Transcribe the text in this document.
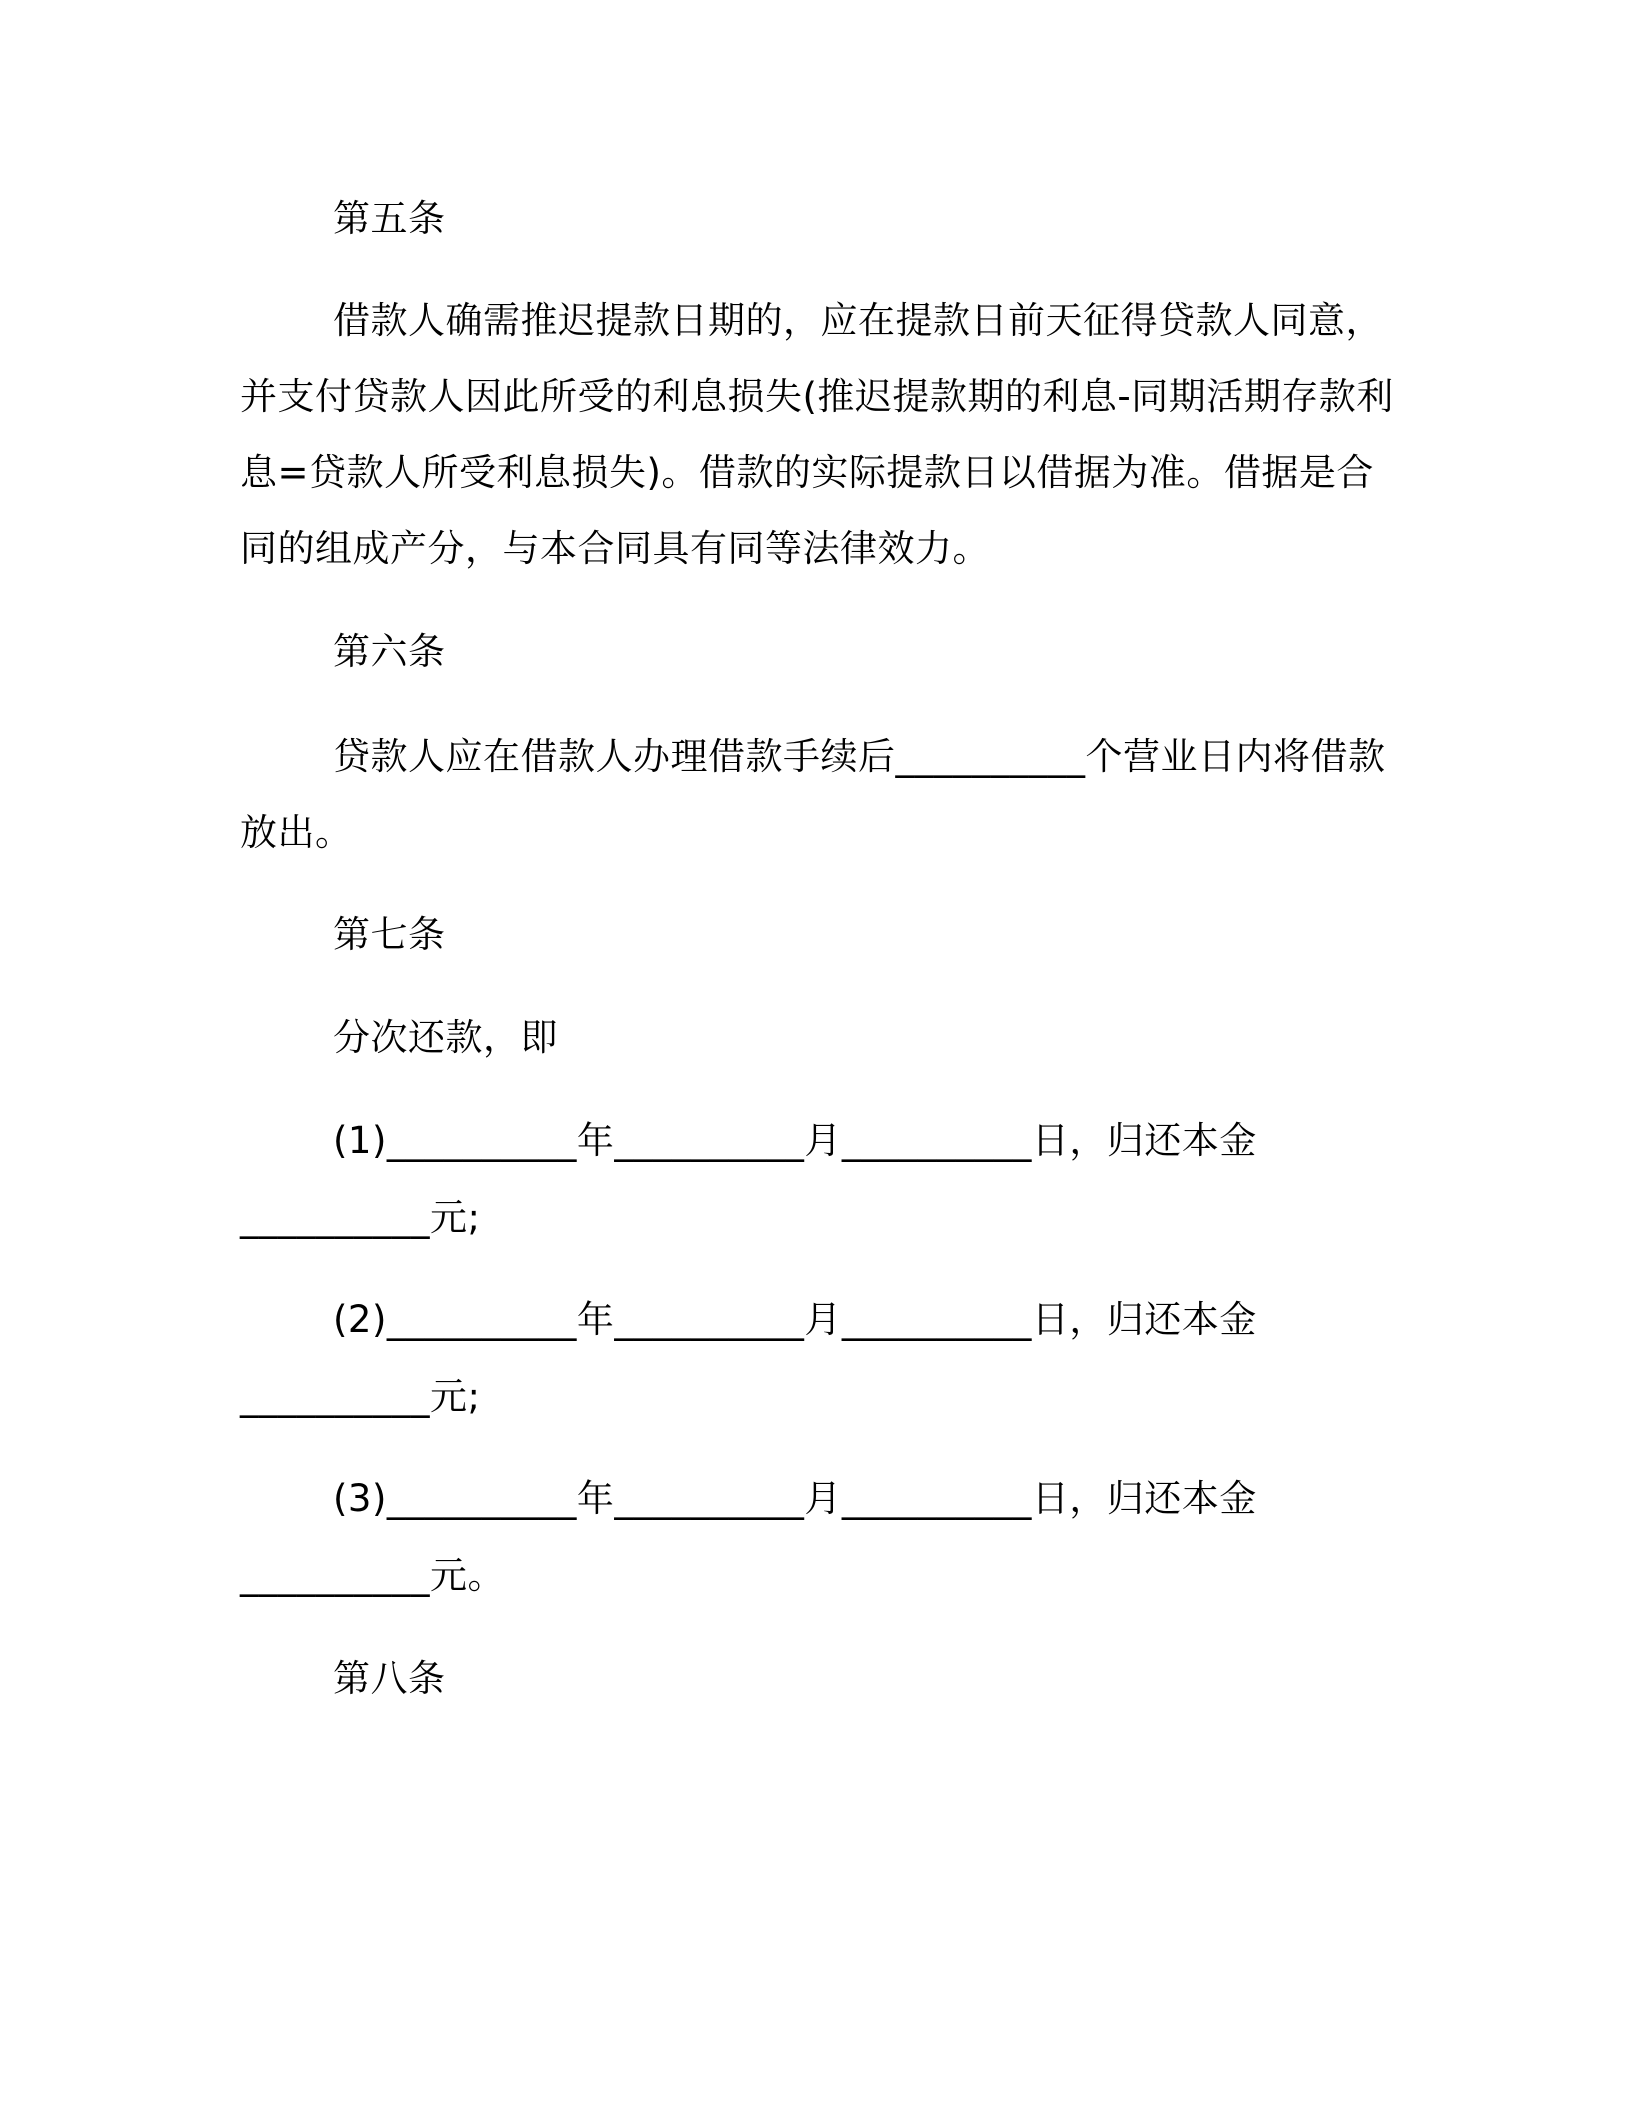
第五条

借款人确需推迟提款日期的，应在提款日前天征得贷款人同意，

并支付贷款人因此所受的利息损失(推迟提款期的利息-同期活期存款利

息=贷款人所受利息损失)。借款的实际提款日以借据为准。借据是合

同的组成产分，与本合同具有同等法律效力。

第六条

贷款人应在借款人办理借款手续后__________个营业日内将借款

放出。

第七条

分次还款，即

(1)__________年__________月__________日，归还本金

__________元;

(2)__________年__________月__________日，归还本金

__________元;

(3)__________年__________月__________日，归还本金

__________元。

第八条
